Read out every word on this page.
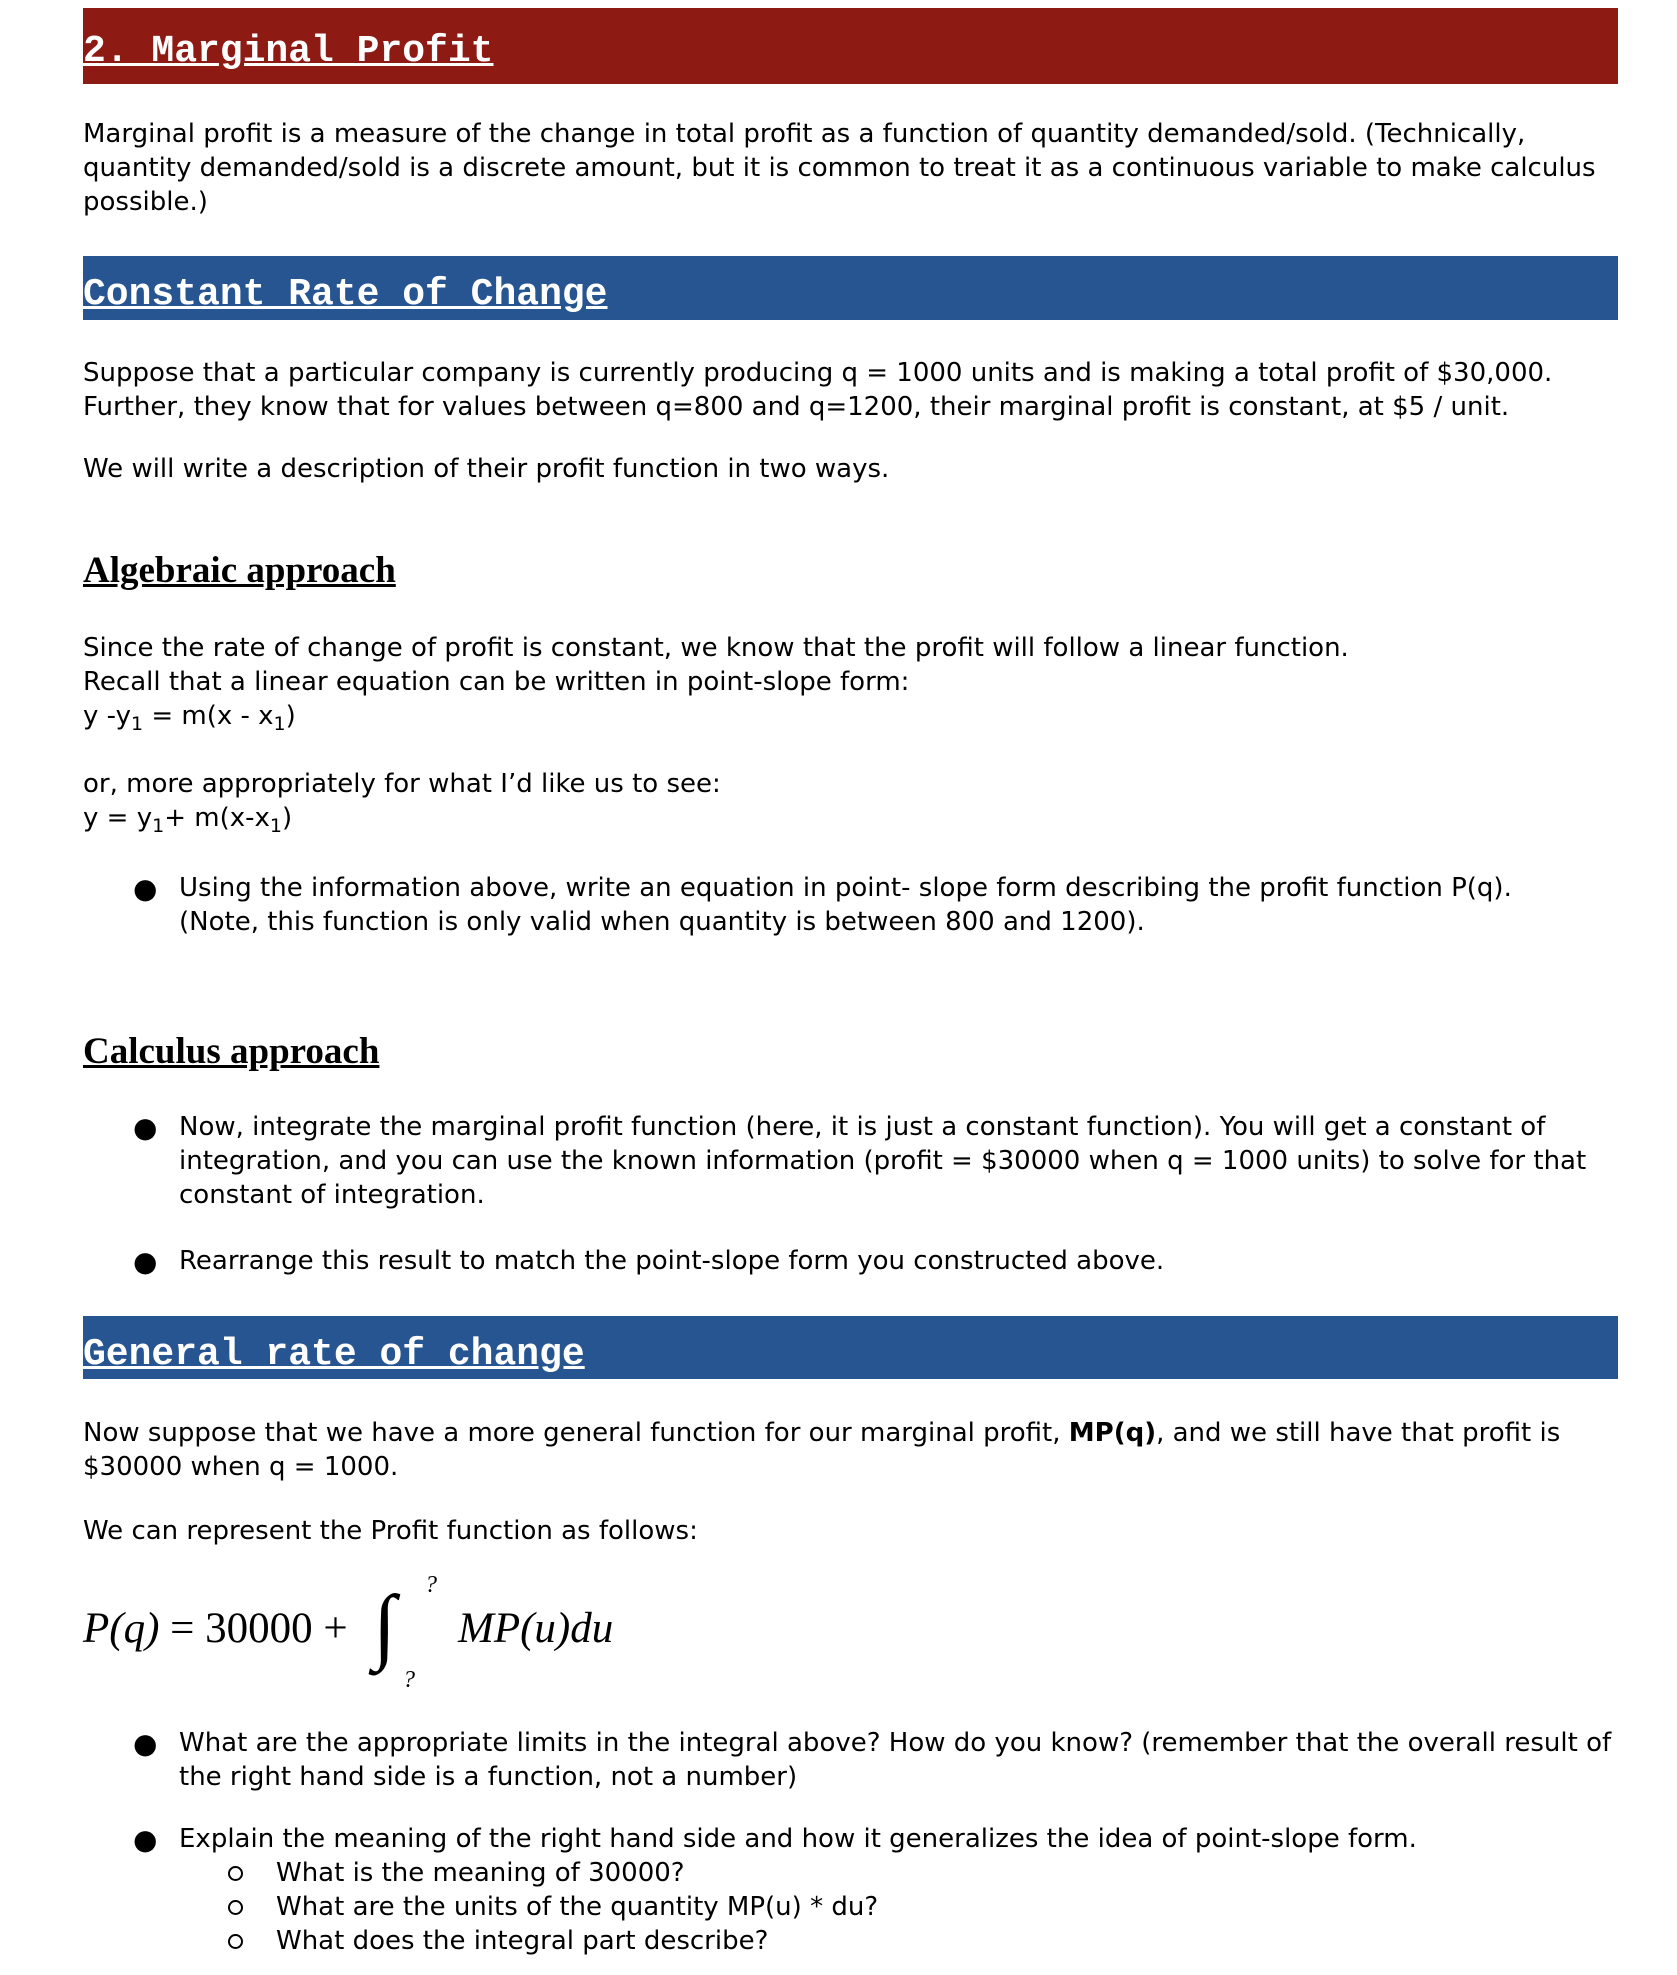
2. Marginal Profit
Marginal profit is a measure of the change in total profit as a function of quantity demanded/sold. (Technically, quantity demanded/sold is a discrete amount, but it is common to treat it as a continuous variable to make calculus possible.)
Constant Rate of Change
Suppose that a particular company is currently producing q = 1000 units and is making a total profit of $30,000.
Further, they know that for values between q=800 and q=1200, their marginal profit is constant, at $5 / unit.
We will write a description of their profit function in two ways.
Algebraic approach
Since the rate of change of profit is constant, we know that the profit will follow a linear function.
Recall that a linear equation can be written in point-slope form:
y $-y_1 = m(x - x_1)$
or, more appropriately for what I’d like us to see:
$y = y_1+ m(x-x_1)$
● Using the information above, write an equation in point- slope form describing the profit function P(q).
(Note, this function is only valid when quantity is between 800 and 1200).
Calculus approach
● Now, integrate the marginal profit function (here, it is just a constant function). You will get a constant of integration, and you can use the known information (profit = $30000 when q = 1000 units) to solve for that constant of integration.
● Rearrange this result to match the point-slope form you constructed above.
General rate of change
Now suppose that we have a more general function for our marginal profit, MP(q), and we still have that profit is $30000 when q = 1000.
We can represent the Profit function as follows:
P(q) = 30000 + ∫ ?
?
MP(u)du
● What are the appropriate limits in the integral above? How do you know? (remember that the overall result of the right hand side is a function, not a number)
● Explain the meaning of the right hand side and how it generalizes the idea of point-slope form.
What is the meaning of 30000?
What are the units of the quantity MP(u) * du?
What does the integral part describe?
